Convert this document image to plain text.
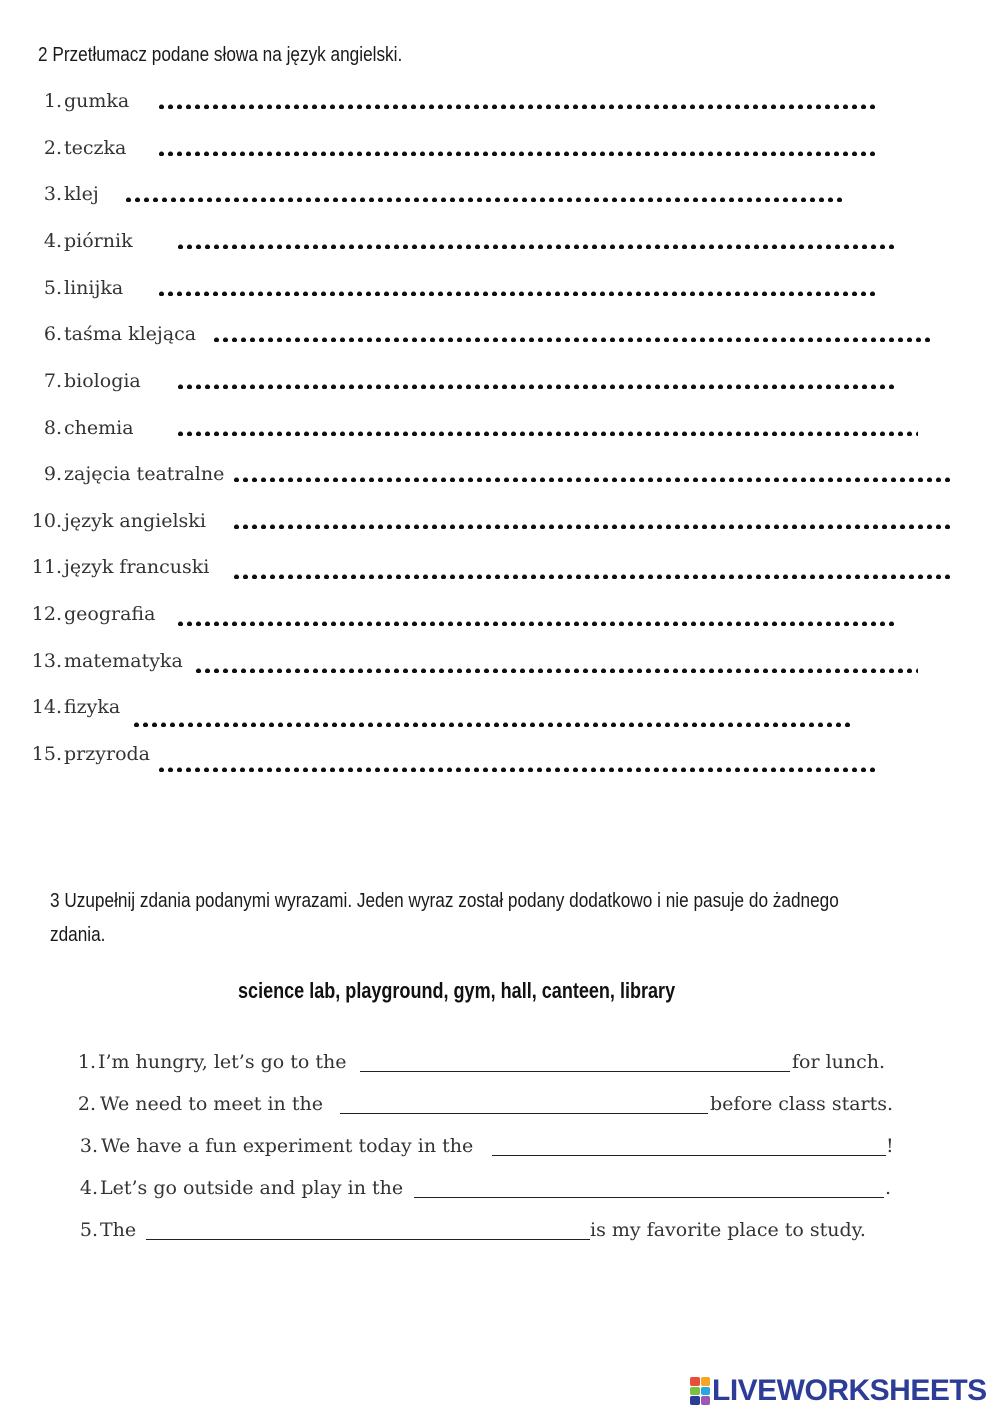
2 Przetłumacz podane słowa na język angielski.
1. gumka
2. teczka
3. klej
4. piórnik
5. linijka
6. taśma klejąca
7. biologia
8. chemia
9. zajęcia teatralne
10. język angielski
11. język francuski
12. geografia
13. matematyka
14. fizyka
15. przyroda
3 Uzupełnij zdania podanymi wyrazami. Jeden wyraz został podany dodatkowo i nie pasuje do żadnego zdania.
science lab, playground, gym, hall, canteen, library
1. I’m hungry, let’s go to the	for lunch.
2. We need to meet in the	before class starts.
3. We have a fun experiment today in the	!
4. Let’s go outside and play in the	.
5. The	is my favorite place to study.
LIVEWORKSHEETS
